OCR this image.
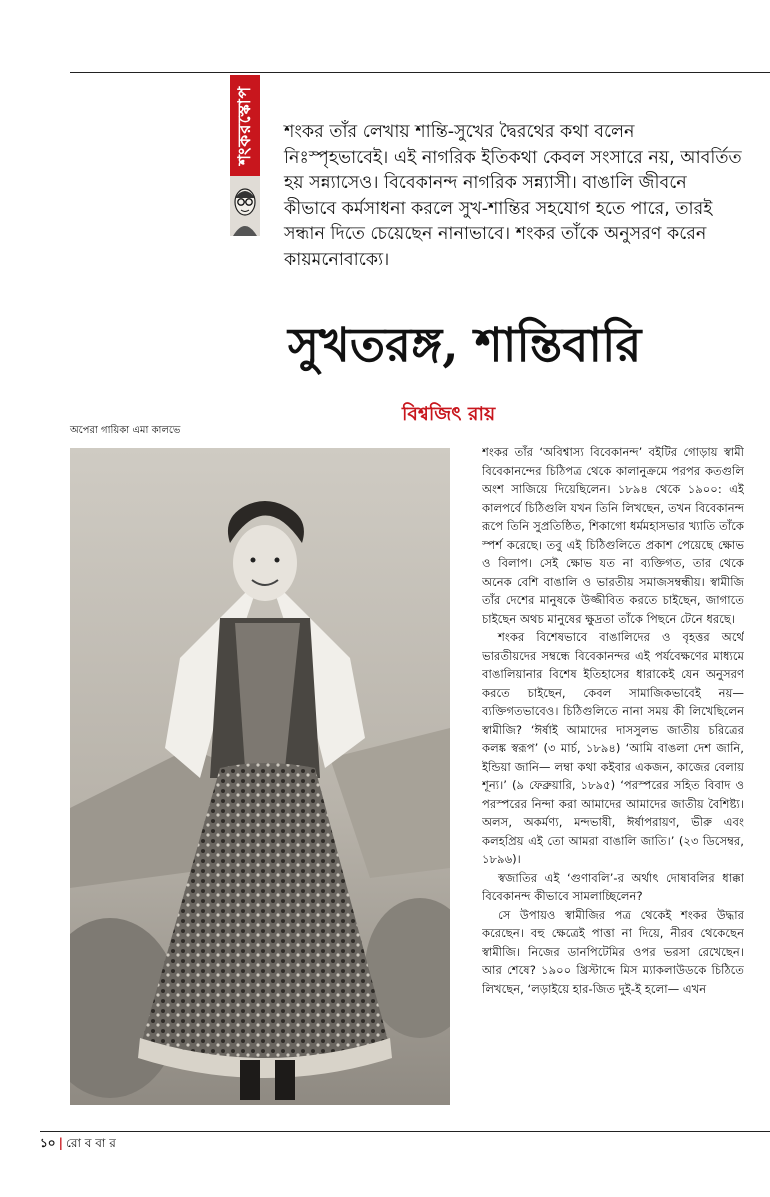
শংকরস্কোপ শংকর তাঁর লেখায় শান্তি-সুখের দ্বৈরথের কথা বলেন নিঃস্পৃহভাবেই। এই নাগরিক ইতিকথা কেবল সংসারে নয়, আবর্তিত হয় সন্ন্যাসেও। বিবেকানন্দ নাগরিক সন্ন্যাসী। বাঙালি জীবনে কীভাবে কর্মসাধনা করলে সুখ-শান্তির সহযোগ হতে পারে, তারই সন্ধান দিতে চেয়েছেন নানাভাবে। শংকর তাঁকে অনুসরণ করেন কায়মনোবাক্যে।
সুখতরঙ্গ, শান্তিবারি
বিশ্বজিৎ রায়
অপেরা গায়িকা এমা কালভে

শংকর তাঁর ‘অবিশ্বাস্য বিবেকানন্দ’ বইটির গোড়ায় স্বামী বিবেকানন্দের চিঠিপত্র থেকে কালানুক্রমে পরপর কতগুলি অংশ সাজিয়ে দিয়েছিলেন। ১৮৯৪ থেকে ১৯০০: এই কালপর্বে চিঠিগুলি যখন তিনি লিখছেন, তখন বিবেকানন্দ রূপে তিনি সুপ্রতিষ্ঠিত, শিকাগো ধর্মমহাসভার খ্যাতি তাঁকে স্পর্শ করেছে। তবু এই চিঠিগুলিতে প্রকাশ পেয়েছে ক্ষোভ ও বিলাপ। সেই ক্ষোভ যত না ব্যক্তিগত, তার থেকে অনেক বেশি বাঙালি ও ভারতীয় সমাজসম্বন্ধীয়। স্বামীজি তাঁর দেশের মানুষকে উজ্জীবিত করতে চাইছেন, জাগাতে চাইছেন অথচ মানুষের ক্ষুদ্রতা তাঁকে পিছনে টেনে ধরছে।

শংকর বিশেষভাবে বাঙালিদের ও বৃহত্তর অর্থে ভারতীয়দের সম্বন্ধে বিবেকানন্দর এই পর্যবেক্ষণের মাধ্যমে বাঙালিয়ানার বিশেষ ইতিহাসের ধারাকেই যেন অনুসরণ করতে চাইছেন, কেবল সামাজিকভাবেই নয়— ব্যক্তিগতভাবেও। চিঠিগুলিতে নানা সময় কী লিখেছিলেন স্বামীজি? ‘ঈর্ষাই আমাদের দাসসুলভ জাতীয় চরিত্রের কলঙ্ক স্বরূপ’ (৩ মার্চ, ১৮৯৪) ‘আমি বাঙলা দেশ জানি, ইন্ডিয়া জানি— লম্বা কথা কইবার একজন, কাজের বেলায় শূন্য।’ (৯ ফেব্রুয়ারি, ১৮৯৫) ‘পরস্পরের সহিত বিবাদ ও পরস্পরের নিন্দা করা আমাদের আমাদের জাতীয় বৈশিষ্ট্য। অলস, অকর্মণ্য, মন্দভাষী, ঈর্ষাপরায়ণ, ভীরু এবং কলহপ্রিয় এই তো আমরা বাঙালি জাতি।’ (২৩ ডিসেম্বর, ১৮৯৬)।

স্বজাতির এই ‘গুণাবলি’-র অর্থাৎ দোষাবলির ধাক্কা বিবেকানন্দ কীভাবে সামলাচ্ছিলেন?

সে উপায়ও স্বামীজির পত্র থেকেই শংকর উদ্ধার করেছেন। বহু ক্ষেত্রেই পাত্তা না দিয়ে, নীরব থেকেছেন স্বামীজি। নিজের ডানপিটেমির ওপর ভরসা রেখেছেন। আর শেষে? ১৯০০ খ্রিস্টাব্দে মিস ম্যাকলাউডকে চিঠিতে লিখছেন, ‘লড়াইয়ে হার-জিত দুই-ই হলো— এখন

১০ | রো ব বা র
